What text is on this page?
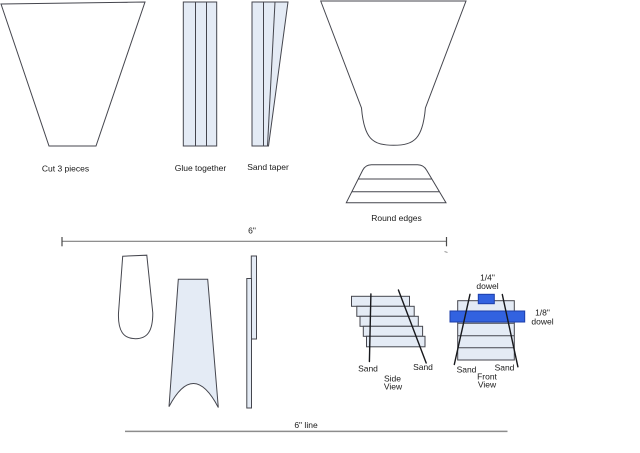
Cut 3 pieces	Glue together Sand taper
Round edges
6"
Sand	Sand
Side
View
1/4"
dowel
1/8"
dowel
Sand Sand
Front
View
6" line
